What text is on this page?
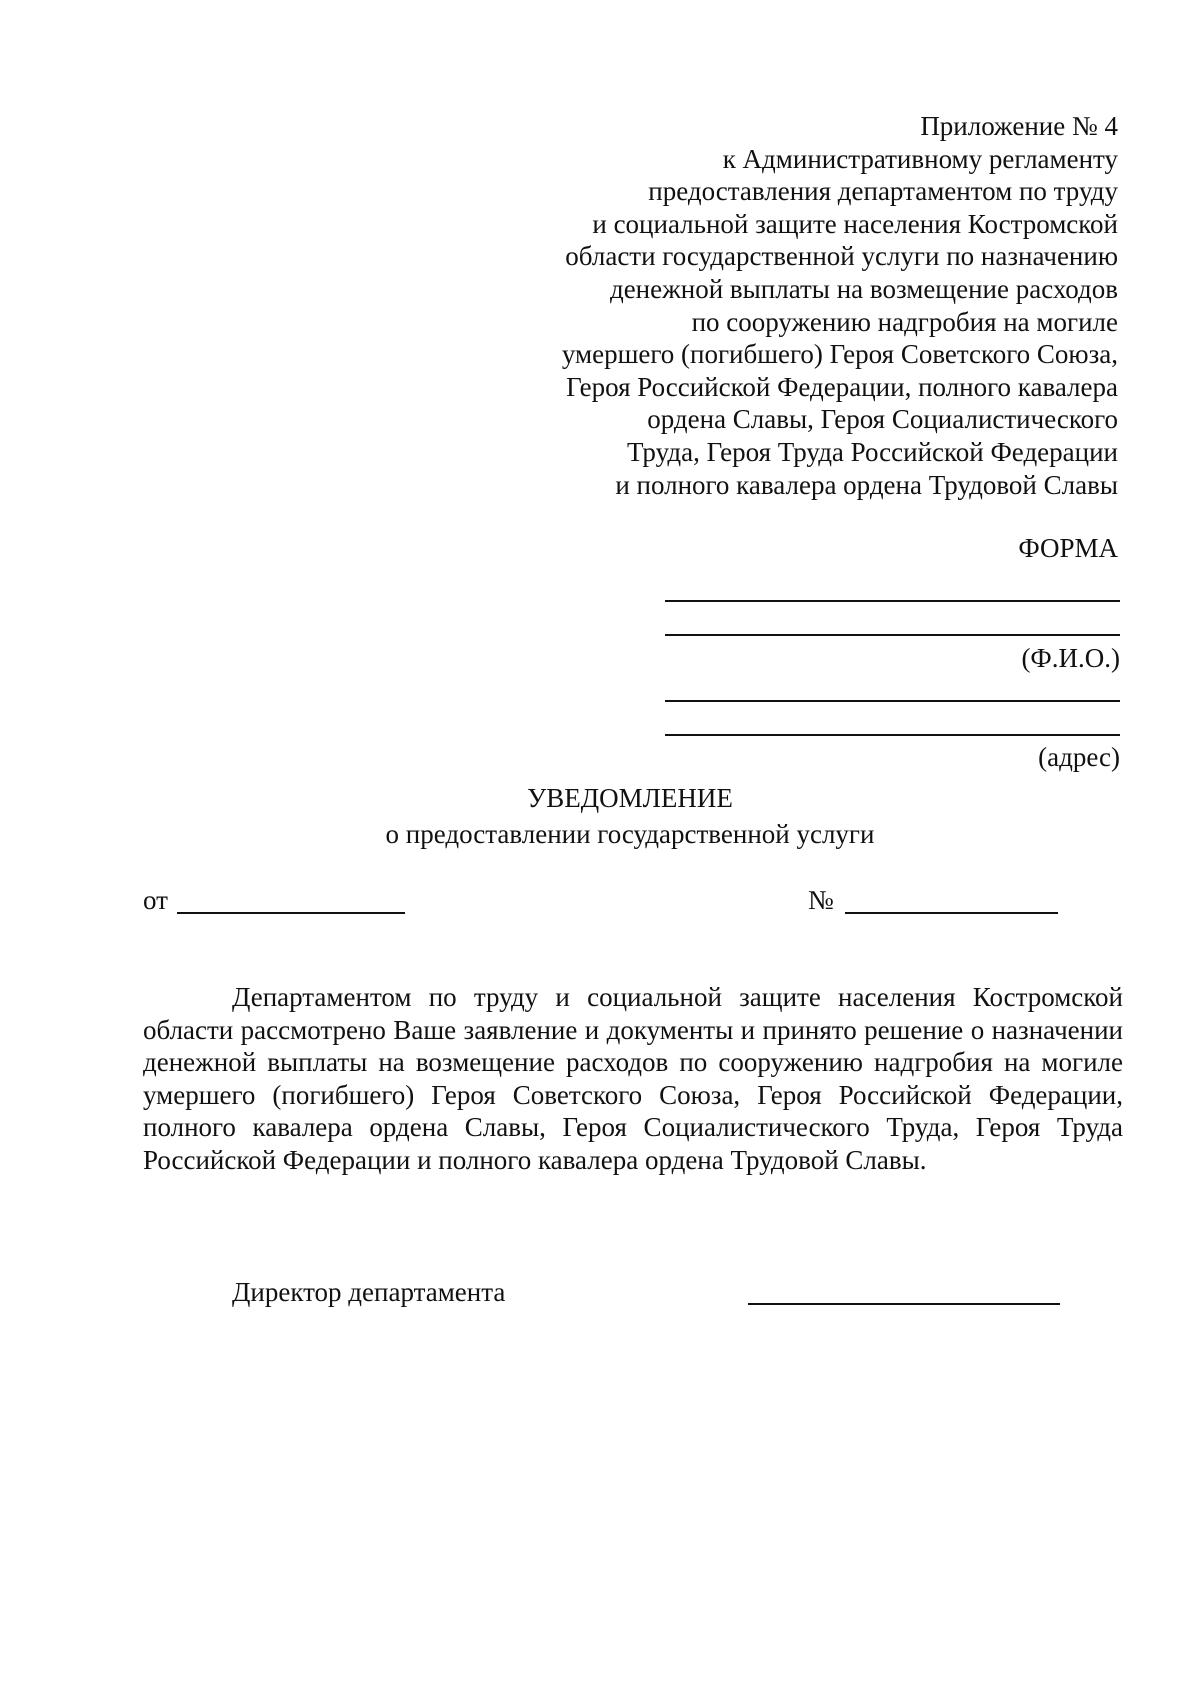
Приложение № 4
к Административному регламенту
предоставления департаментом по труду
и социальной защите населения Костромской
области государственной услуги по назначению
денежной выплаты на возмещение расходов
по сооружению надгробия на могиле
умершего (погибшего) Героя Советского Союза,
Героя Российской Федерации, полного кавалера
ордена Славы, Героя Социалистического
Труда, Героя Труда Российской Федерации
и полного кавалера ордена Трудовой Славы
ФОРМА
(Ф.И.О.)
(адрес)
УВЕДОМЛЕНИЕ
о предоставлении государственной услуги
от	№

Департаментом по труду и социальной защите населения Костромской области рассмотрено Ваше заявление и документы и принято решение о назначении денежной выплаты на возмещение расходов по сооружению надгробия на могиле умершего (погибшего) Героя Советского Союза, Героя Российской Федерации, полного кавалера ордена Славы, Героя Социалистического Труда, Героя Труда Российской Федерации и полного кавалера ордена Трудовой Славы.

Директор департамента
